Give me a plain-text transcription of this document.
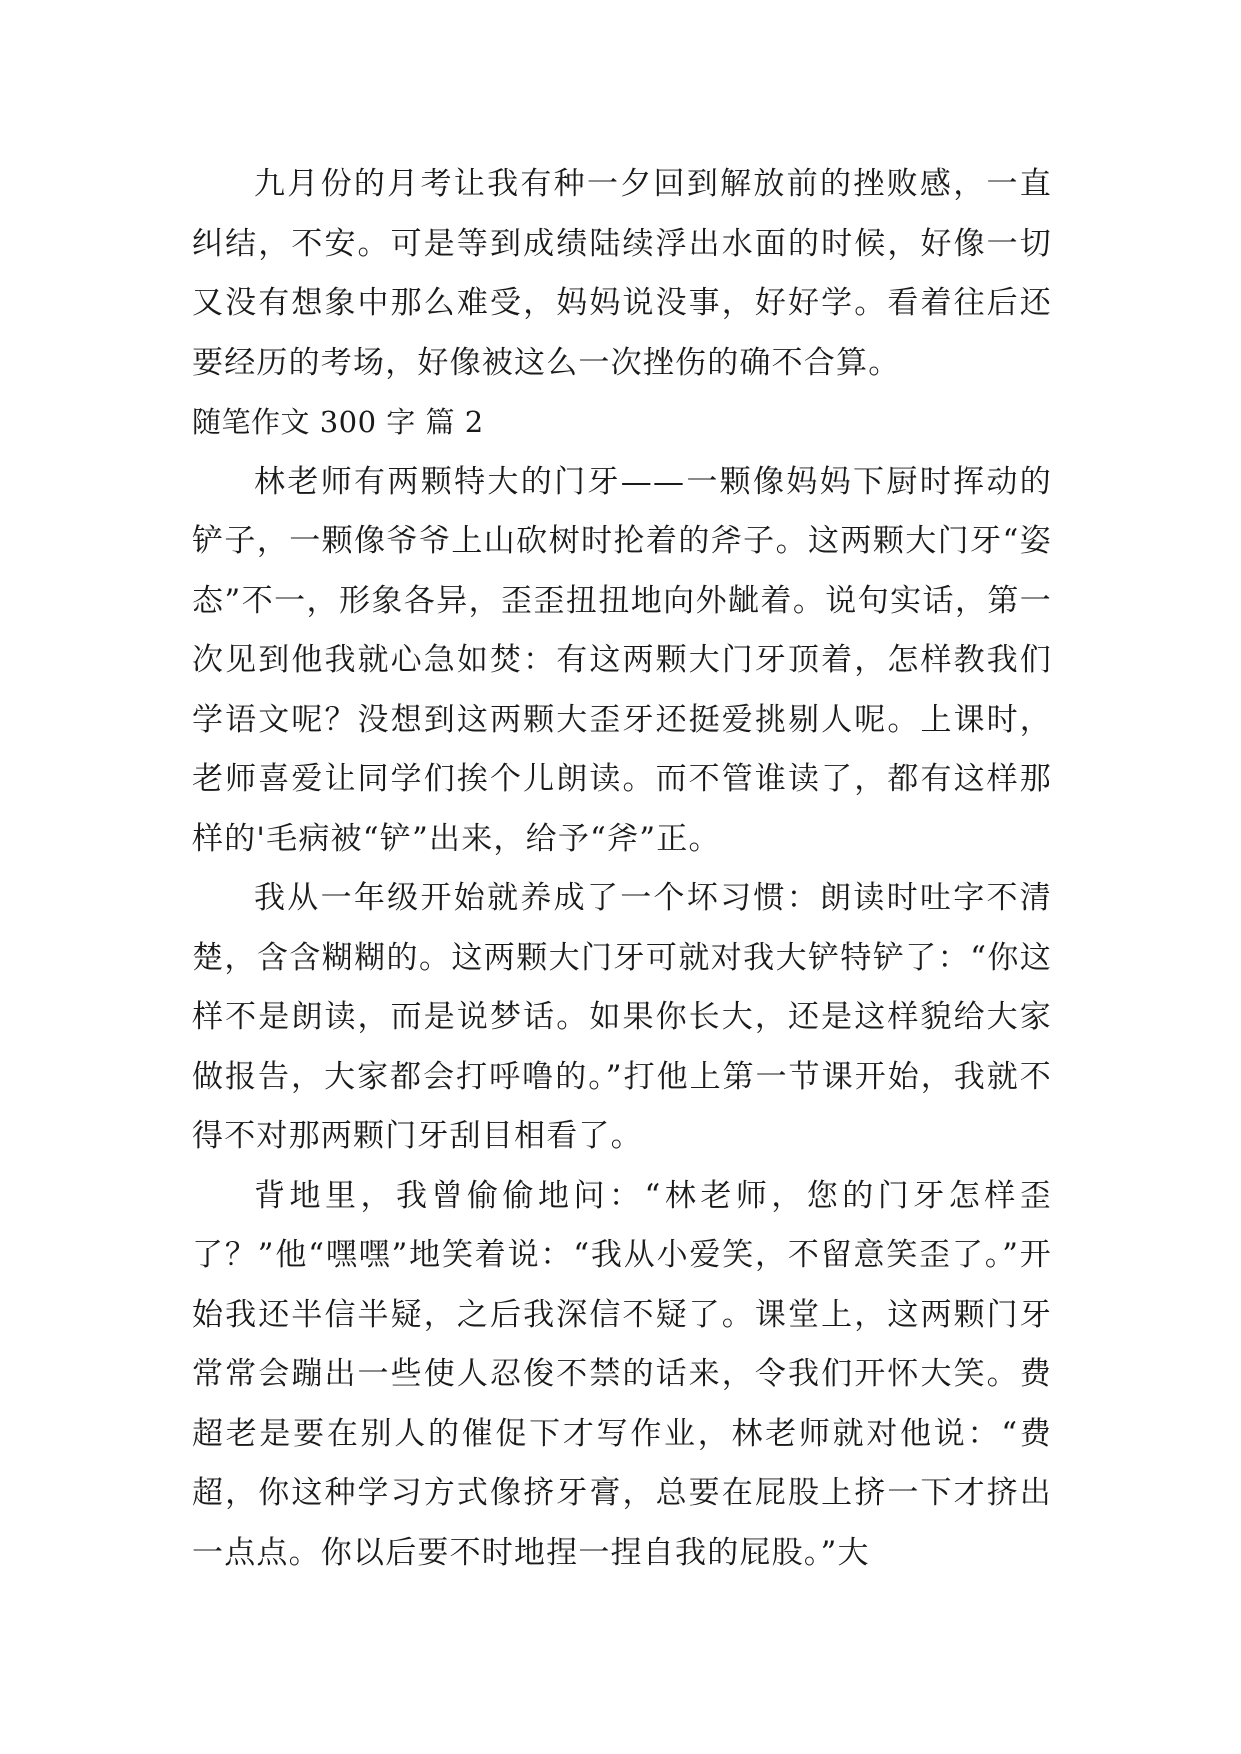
九月份的月考让我有种一夕回到解放前的挫败感，一直纠结，不安。可是等到成绩陆续浮出水面的时候，好像一切又没有想象中那么难受，妈妈说没事，好好学。看着往后还要经历的考场，好像被这么一次挫伤的确不合算。

随笔作文 300 字 篇 2

林老师有两颗特大的门牙——一颗像妈妈下厨时挥动的铲子，一颗像爷爷上山砍树时抡着的斧子。这两颗大门牙“姿态”不一，形象各异，歪歪扭扭地向外龇着。说句实话，第一次见到他我就心急如焚：有这两颗大门牙顶着，怎样教我们学语文呢？没想到这两颗大歪牙还挺爱挑剔人呢。上课时，老师喜爱让同学们挨个儿朗读。而不管谁读了，都有这样那样的'毛病被“铲”出来，给予“斧”正。

我从一年级开始就养成了一个坏习惯：朗读时吐字不清楚，含含糊糊的。这两颗大门牙可就对我大铲特铲了：“你这样不是朗读，而是说梦话。如果你长大，还是这样貌给大家做报告，大家都会打呼噜的。”打他上第一节课开始，我就不得不对那两颗门牙刮目相看了。

背地里，我曾偷偷地问：“林老师，您的门牙怎样歪了？”他“嘿嘿”地笑着说：“我从小爱笑，不留意笑歪了。”开始我还半信半疑，之后我深信不疑了。课堂上，这两颗门牙常常会蹦出一些使人忍俊不禁的话来，令我们开怀大笑。费超老是要在别人的催促下才写作业，林老师就对他说：“费超，你这种学习方式像挤牙膏，总要在屁股上挤一下才挤出一点点。你以后要不时地捏一捏自我的屁股。”大
